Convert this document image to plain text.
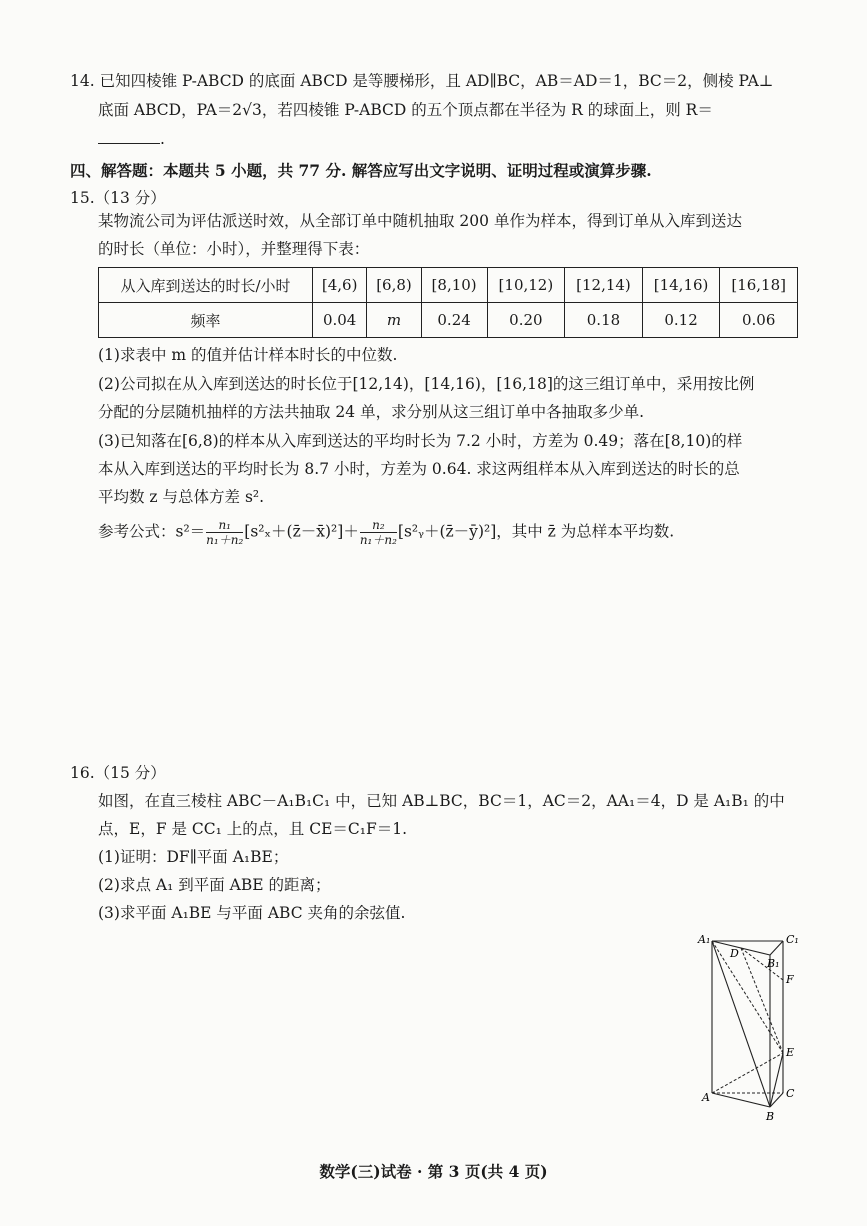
14. 已知四棱锥 P-ABCD 的底面 ABCD 是等腰梯形，且 AD∥BC，AB＝AD＝1，BC＝2，侧棱 PA⊥
底面 ABCD，PA＝2√3，若四棱锥 P-ABCD 的五个顶点都在半径为 R 的球面上，则 R＝
.
四、解答题：本题共 5 小题，共 77 分. 解答应写出文字说明、证明过程或演算步骤.
15.（13 分）
某物流公司为评估派送时效，从全部订单中随机抽取 200 单作为样本，得到订单从入库到送达
的时长（单位：小时），并整理得下表：
从入库到送达的时长/小时	[4,6)	[6,8)	[8,10)	[10,12)	[12,14)	[14,16)	[16,18]
频率	0.04	m	0.24	0.20	0.18	0.12	0.06
(1)求表中 m 的值并估计样本时长的中位数.
(2)公司拟在从入库到送达的时长位于[12,14)，[14,16)，[16,18]的这三组订单中，采用按比例
分配的分层随机抽样的方法共抽取 24 单，求分别从这三组订单中各抽取多少单.
(3)已知落在[6,8)的样本从入库到送达的平均时长为 7.2 小时，方差为 0.49；落在[8,10)的样
本从入库到送达的平均时长为 8.7 小时，方差为 0.64. 求这两组样本从入库到送达的时长的总
平均数 z 与总体方差 s².
参考公式：$s^2= \frac{\text{n₁}}{\text{n₁＋n₂}}$ [s²ₓ＋(z̄－x̄)²]＋ $\frac{\text{n₂}}{\text{n₁＋n₂}}$ [s²ᵧ＋(z̄－ȳ)²]，其中 z̄ 为总样本平均数.
16.（15 分）
如图，在直三棱柱 ABC－A₁B₁C₁ 中，已知 AB⊥BC，BC＝1，AC＝2，AA₁＝4，D 是 A₁B₁ 的中
点，E，F 是 CC₁ 上的点，且 CE＝C₁F＝1.
(1)证明：DF∥平面 A₁BE；
(2)求点 A₁ 到平面 ABE 的距离；
(3)求平面 A₁BE 与平面 ABC 夹角的余弦值.
A₁	C₁
D
B₁
F
E
A	C
B
数学(三)试卷 · 第 3 页(共 4 页)
